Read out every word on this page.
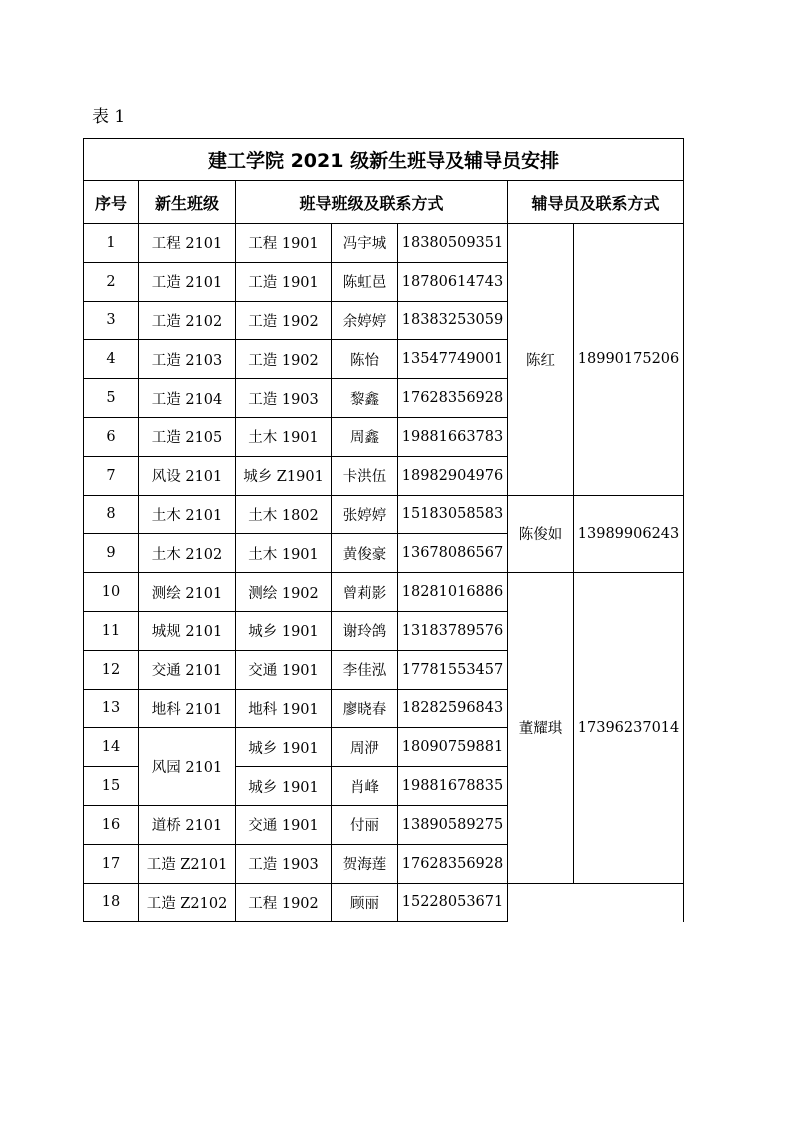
表 1
建工学院 2021 级新生班导及辅导员安排							
序号	新生班级	班导班级及联系方式			辅导员及联系方式		
1	工程 2101	工程 1901	冯宇城	18380509351	陈红	18990175206	
2	工造 2101	工造 1901	陈虹邑	18780614743			
3	工造 2102	工造 1902	余婷婷	18383253059			
4	工造 2103	工造 1902	陈怡	13547749001			
5	工造 2104	工造 1903	黎鑫	17628356928			
6	工造 2105	土木 1901	周鑫	19881663783			
7	风设 2101	城乡 Z1901	卡洪伍	18982904976			
8	土木 2101	土木 1802	张婷婷	15183058583	陈俊如	13989906243	
9	土木 2102	土木 1901	黄俊豪	13678086567			
10	测绘 2101	测绘 1902	曾莉影	18281016886	董耀琪	17396237014	
11	城规 2101	城乡 1901	谢玲鸽	13183789576			
12	交通 2101	交通 1901	李佳泓	17781553457			
13	地科 2101	地科 1901	廖晓春	18282596843			
14	风园 2101	城乡 1901	周洢	18090759881			
15		城乡 1901	肖峰	19881678835			
16	道桥 2101	交通 1901	付丽	13890589275			
17	工造 Z2101	工造 1903	贺海莲	17628356928		
18	工造 Z2102	工程 1902	顾丽	15228053671			
